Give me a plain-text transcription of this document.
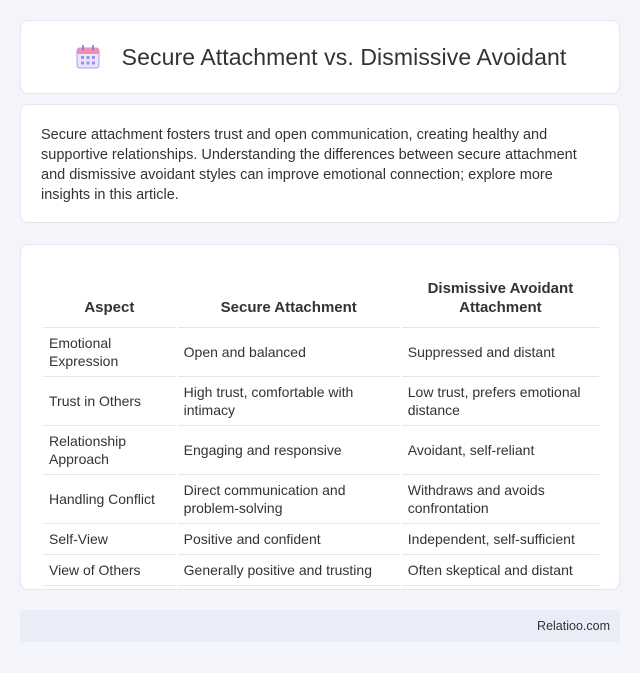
Secure Attachment vs. Dismissive Avoidant

Secure attachment fosters trust and open communication, creating healthy and supportive relationships. Understanding the differences between secure attachment and dismissive avoidant styles can improve emotional connection; explore more insights in this article.

Aspect	Secure Attachment	Dismissive Avoidant Attachment
Emotional Expression	Open and balanced	Suppressed and distant
Trust in Others	High trust, comfortable with intimacy	Low trust, prefers emotional distance
Relationship Approach	Engaging and responsive	Avoidant, self-reliant
Handling Conflict	Direct communication and problem-solving	Withdraws and avoids confrontation
Self-View	Positive and confident	Independent, self-sufficient
View of Others	Generally positive and trusting	Often skeptical and distant
Relatioo.com
